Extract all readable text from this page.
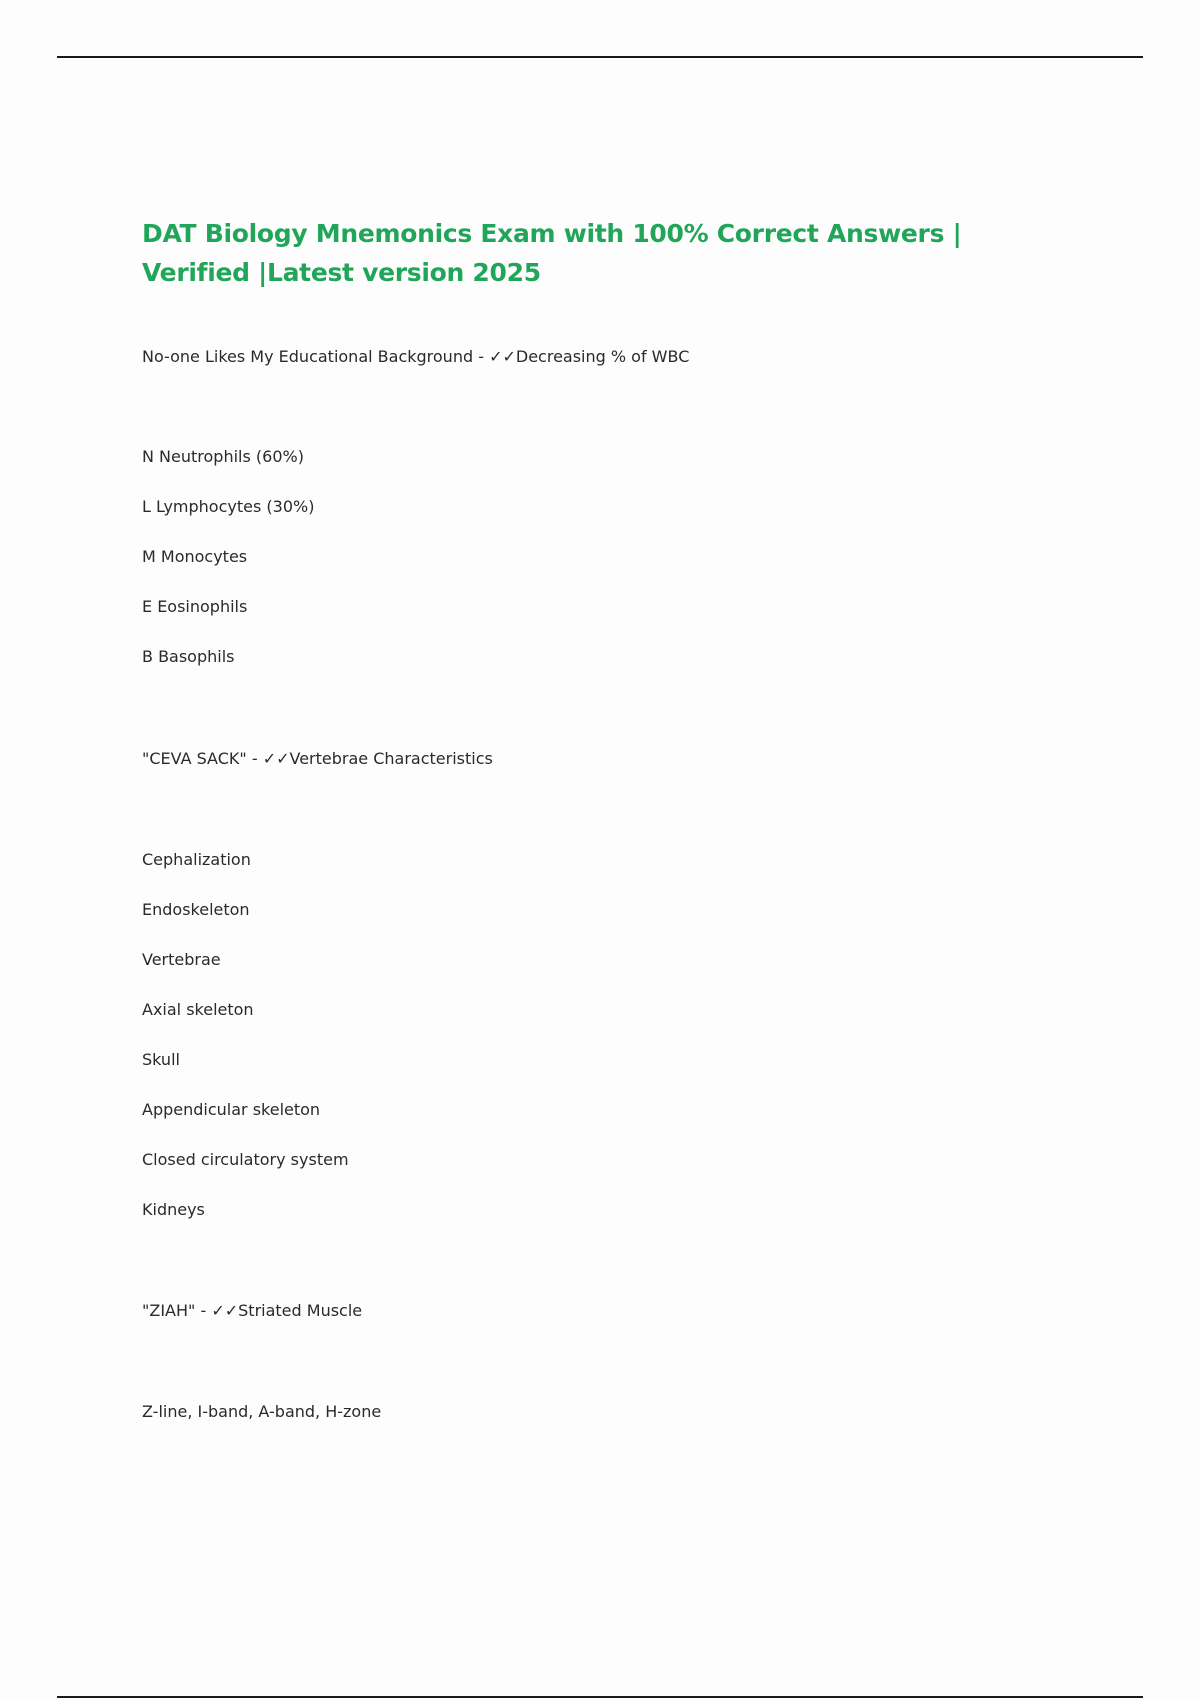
DAT Biology Mnemonics Exam with 100% Correct Answers | Verified |Latest version 2025

No-one Likes My Educational Background - ✓✓Decreasing % of WBC

N Neutrophils (60%)

L Lymphocytes (30%)

M Monocytes

E Eosinophils

B Basophils

"CEVA SACK" - ✓✓Vertebrae Characteristics

Cephalization

Endoskeleton

Vertebrae

Axial skeleton

Skull

Appendicular skeleton

Closed circulatory system

Kidneys

"ZIAH" - ✓✓Striated Muscle

Z-line, I-band, A-band, H-zone
